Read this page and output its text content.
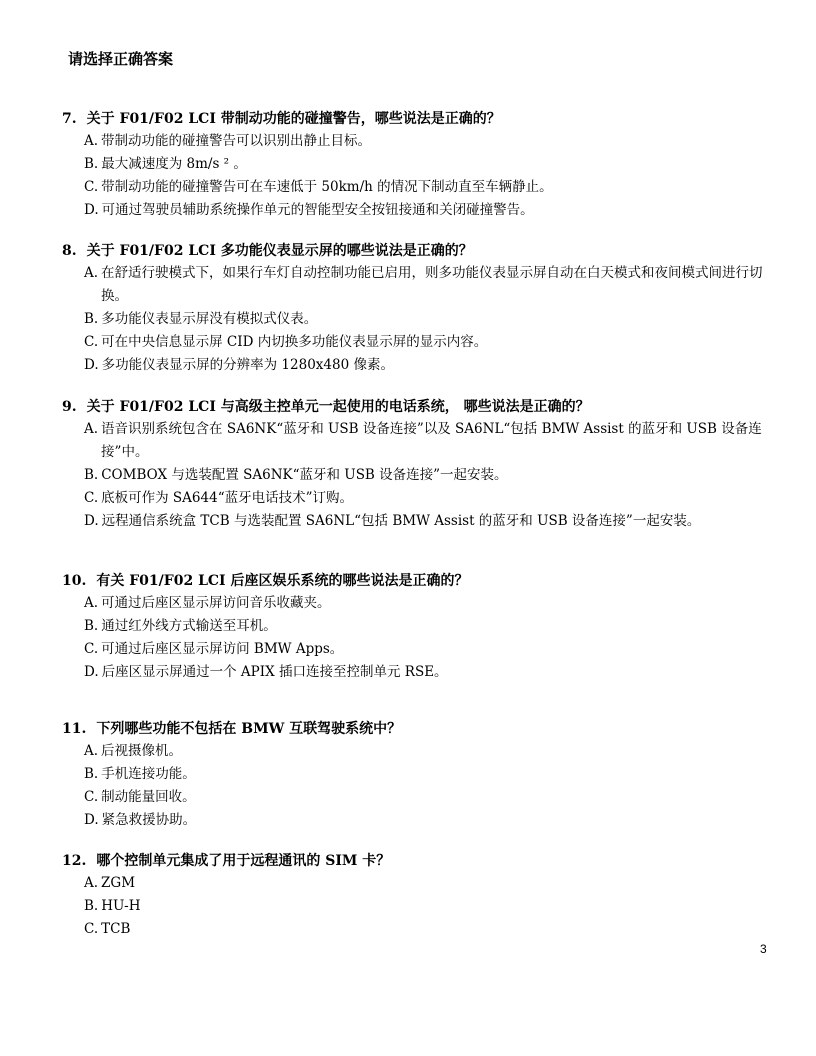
请选择正确答案
7. 关于 F01/F02 LCI 带制动功能的碰撞警告，哪些说法是正确的？
A. 带制动功能的碰撞警告可以识别出静止目标。
B. 最大减速度为 8m/s ² 。
C. 带制动功能的碰撞警告可在车速低于 50km/h 的情况下制动直至车辆静止。
D. 可通过驾驶员辅助系统操作单元的智能型安全按钮接通和关闭碰撞警告。
8. 关于 F01/F02 LCI 多功能仪表显示屏的哪些说法是正确的？
A. 在舒适行驶模式下，如果行车灯自动控制功能已启用，则多功能仪表显示屏自动在白天模式和夜间模式间进行切换。
B. 多功能仪表显示屏没有模拟式仪表。
C. 可在中央信息显示屏 CID 内切换多功能仪表显示屏的显示内容。
D. 多功能仪表显示屏的分辨率为 1280x480 像素。
9. 关于 F01/F02 LCI 与高级主控单元一起使用的电话系统， 哪些说法是正确的？
A. 语音识别系统包含在 SA6NK“蓝牙和 USB 设备连接”以及 SA6NL“包括 BMW Assist 的蓝牙和 USB 设备连接”中。
B. COMBOX 与选装配置 SA6NK“蓝牙和 USB 设备连接”一起安装。
C. 底板可作为 SA644“蓝牙电话技术”订购。
D. 远程通信系统盒 TCB 与选装配置 SA6NL“包括 BMW Assist 的蓝牙和 USB 设备连接”一起安装。
10. 有关 F01/F02 LCI 后座区娱乐系统的哪些说法是正确的？
A. 可通过后座区显示屏访问音乐收藏夹。
B. 通过红外线方式输送至耳机。
C. 可通过后座区显示屏访问 BMW Apps。
D. 后座区显示屏通过一个 APIX 插口连接至控制单元 RSE。
11. 下列哪些功能不包括在 BMW 互联驾驶系统中？
A. 后视摄像机。
B. 手机连接功能。
C. 制动能量回收。
D. 紧急救援协助。
12. 哪个控制单元集成了用于远程通讯的 SIM 卡？
A. ZGM
B. HU-H
C. TCB
3
